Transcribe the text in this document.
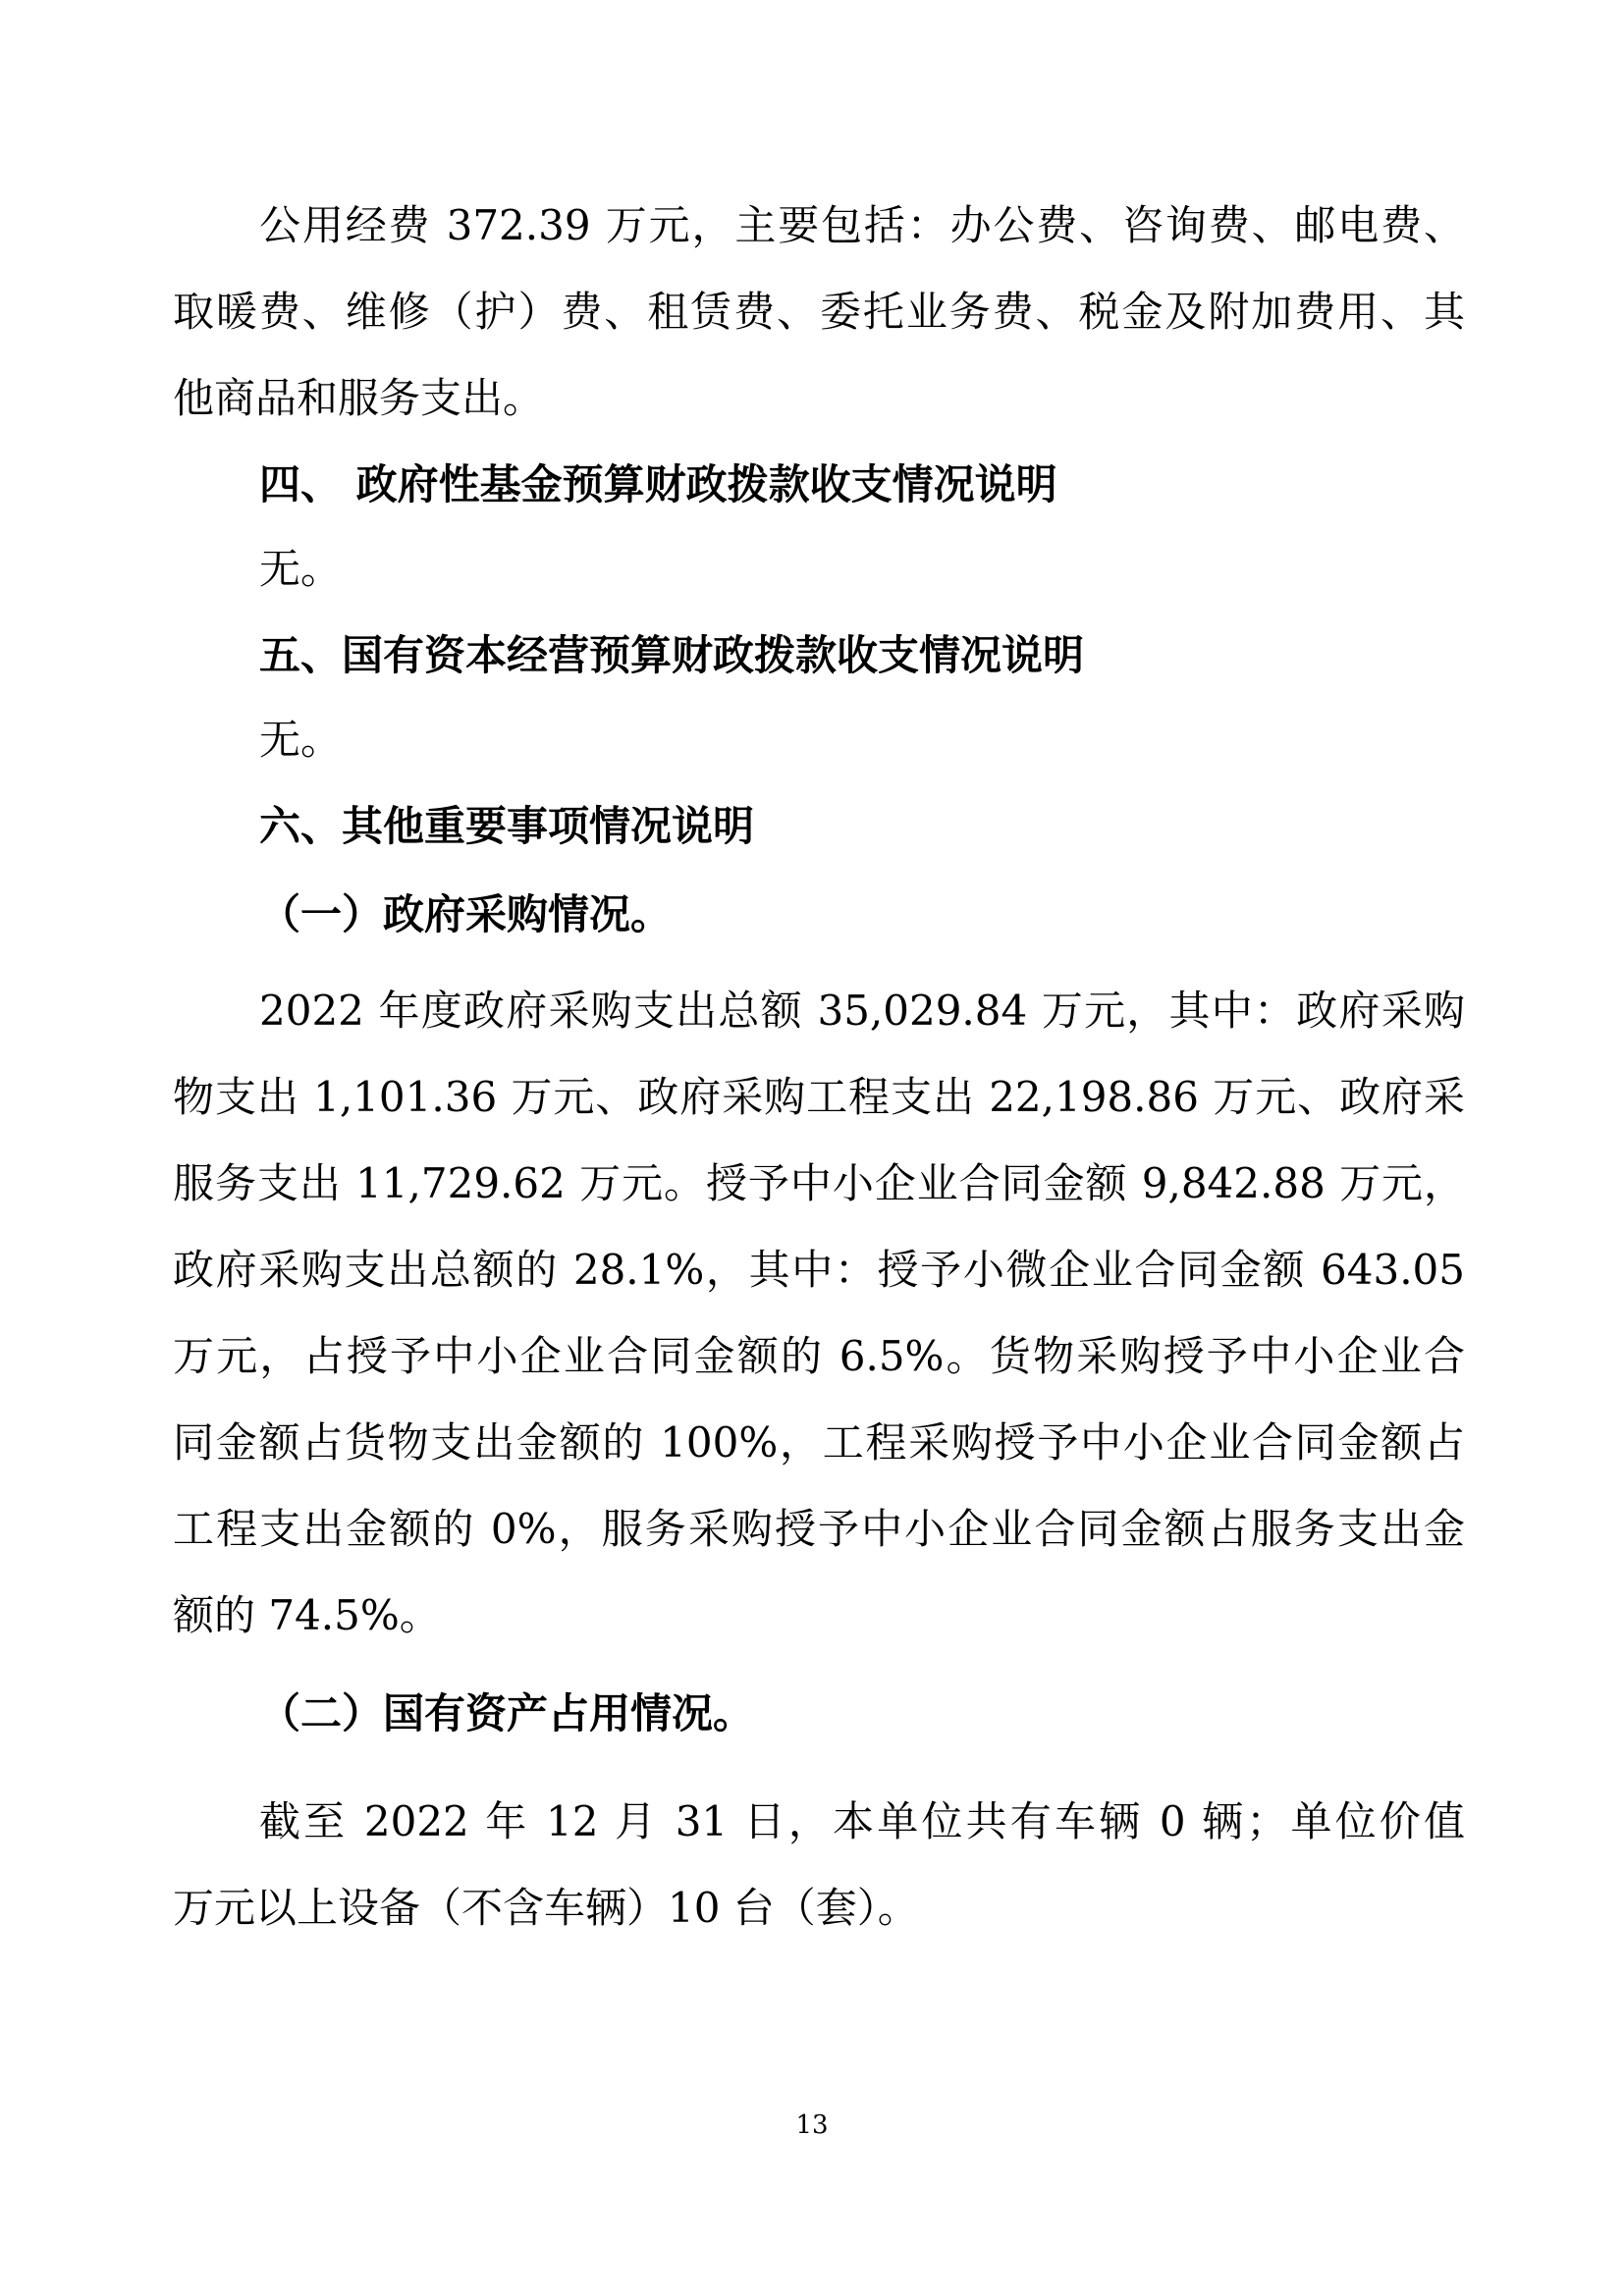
公用经费 372.39 万元，主要包括：办公费、咨询费、邮电费、
取暖费、维修（护）费、租赁费、委托业务费、税金及附加费用、其
他商品和服务支出。
四、 政府性基金预算财政拨款收支情况说明
无。
五、国有资本经营预算财政拨款收支情况说明
无。
六、其他重要事项情况说明
（一）政府采购情况。
2022 年度政府采购支出总额 35,029.84 万元，其中：政府采购
物支出 1,101.36 万元、政府采购工程支出 22,198.86 万元、政府采
服务支出 11,729.62 万元。授予中小企业合同金额 9,842.88 万元，
政府采购支出总额的 28.1%，其中：授予小微企业合同金额 643.05
万元，占授予中小企业合同金额的 6.5%。货物采购授予中小企业合
同金额占货物支出金额的 100%，工程采购授予中小企业合同金额占
工程支出金额的 0%，服务采购授予中小企业合同金额占服务支出金
额的 74.5%。
（二）国有资产占用情况。
截至 2022 年 12 月 31 日，本单位共有车辆 0 辆；单位价值
万元以上设备（不含车辆）10 台（套）。
13
